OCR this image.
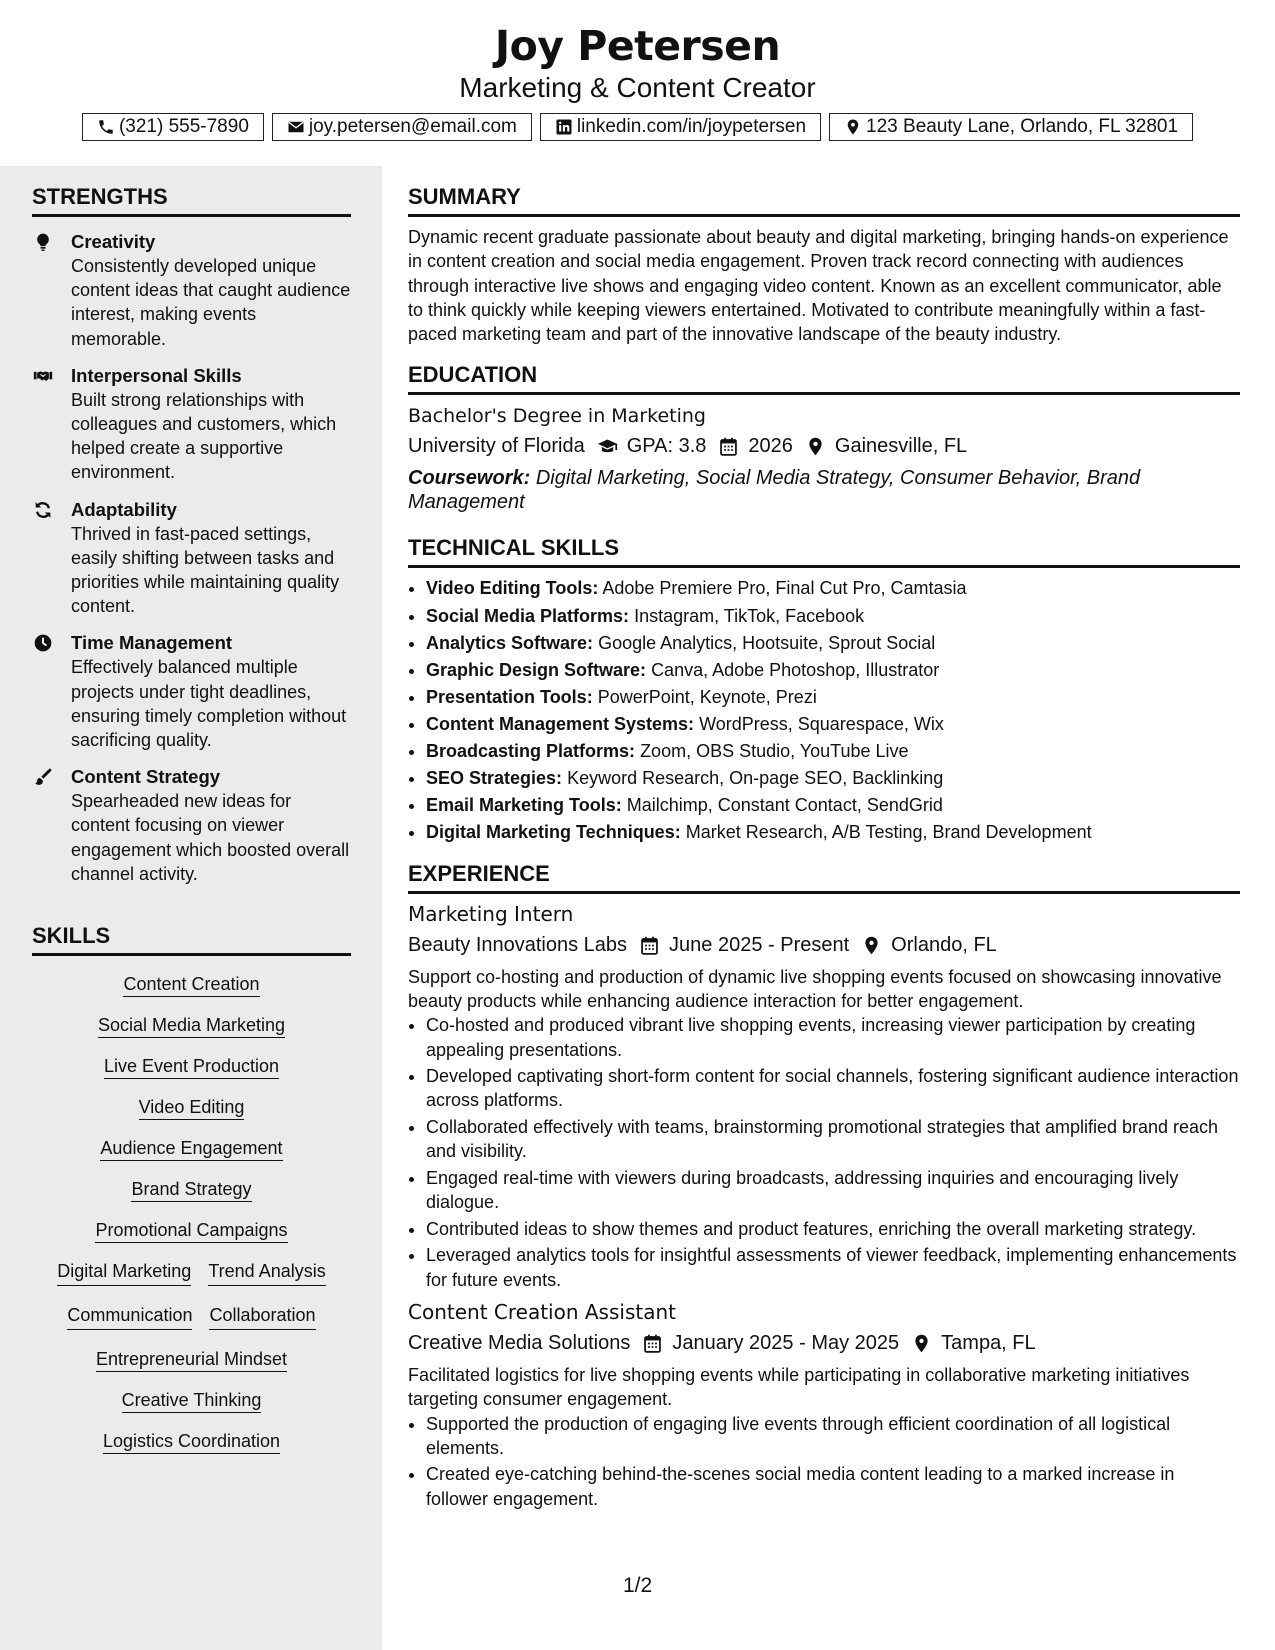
Joy Petersen
Marketing & Content Creator
(321) 555-7890	joy.petersen@email.com	linkedin.com/in/joypetersen	123 Beauty Lane, Orlando, FL 32801
STRENGTHS
Creativity
Consistently developed unique content ideas that caught audience interest, making events memorable.
Interpersonal Skills
Built strong relationships with colleagues and customers, which helped create a supportive environment.
Adaptability
Thrived in fast-paced settings, easily shifting between tasks and priorities while maintaining quality content.
Time Management
Effectively balanced multiple projects under tight deadlines, ensuring timely completion without sacrificing quality.
Content Strategy
Spearheaded new ideas for content focusing on viewer engagement which boosted overall channel activity.
SKILLS
Content Creation
Social Media Marketing
Live Event Production
Video Editing
Audience Engagement
Brand Strategy
Promotional Campaigns
Digital Marketing Trend Analysis
Communication Collaboration
Entrepreneurial Mindset
Creative Thinking
Logistics Coordination
SUMMARY
Dynamic recent graduate passionate about beauty and digital marketing, bringing hands-on experience in content creation and social media engagement. Proven track record connecting with audiences through interactive live shows and engaging video content. Known as an excellent communicator, able to think quickly while keeping viewers entertained. Motivated to contribute meaningfully within a fast-paced marketing team and part of the innovative landscape of the beauty industry.
EDUCATION
Bachelor's Degree in Marketing
University of Florida GPA: 3.8 2026 Gainesville, FL
Coursework: Digital Marketing, Social Media Strategy, Consumer Behavior, Brand Management
TECHNICAL SKILLS
• Video Editing Tools: Adobe Premiere Pro, Final Cut Pro, Camtasia
• Social Media Platforms: Instagram, TikTok, Facebook
• Analytics Software: Google Analytics, Hootsuite, Sprout Social
• Graphic Design Software: Canva, Adobe Photoshop, Illustrator
• Presentation Tools: PowerPoint, Keynote, Prezi
• Content Management Systems: WordPress, Squarespace, Wix
• Broadcasting Platforms: Zoom, OBS Studio, YouTube Live
• SEO Strategies: Keyword Research, On-page SEO, Backlinking
• Email Marketing Tools: Mailchimp, Constant Contact, SendGrid
• Digital Marketing Techniques: Market Research, A/B Testing, Brand Development
EXPERIENCE
Marketing Intern
Beauty Innovations Labs June 2025 - Present Orlando, FL
Support co-hosting and production of dynamic live shopping events focused on showcasing innovative beauty products while enhancing audience interaction for better engagement.
• Co-hosted and produced vibrant live shopping events, increasing viewer participation by creating appealing presentations.
• Developed captivating short-form content for social channels, fostering significant audience interaction across platforms.
• Collaborated effectively with teams, brainstorming promotional strategies that amplified brand reach and visibility.
• Engaged real-time with viewers during broadcasts, addressing inquiries and encouraging lively dialogue.
• Contributed ideas to show themes and product features, enriching the overall marketing strategy.
• Leveraged analytics tools for insightful assessments of viewer feedback, implementing enhancements for future events.
Content Creation Assistant
Creative Media Solutions January 2025 - May 2025 Tampa, FL
Facilitated logistics for live shopping events while participating in collaborative marketing initiatives targeting consumer engagement.
• Supported the production of engaging live events through efficient coordination of all logistical elements.
• Created eye-catching behind-the-scenes social media content leading to a marked increase in follower engagement.
1/2
